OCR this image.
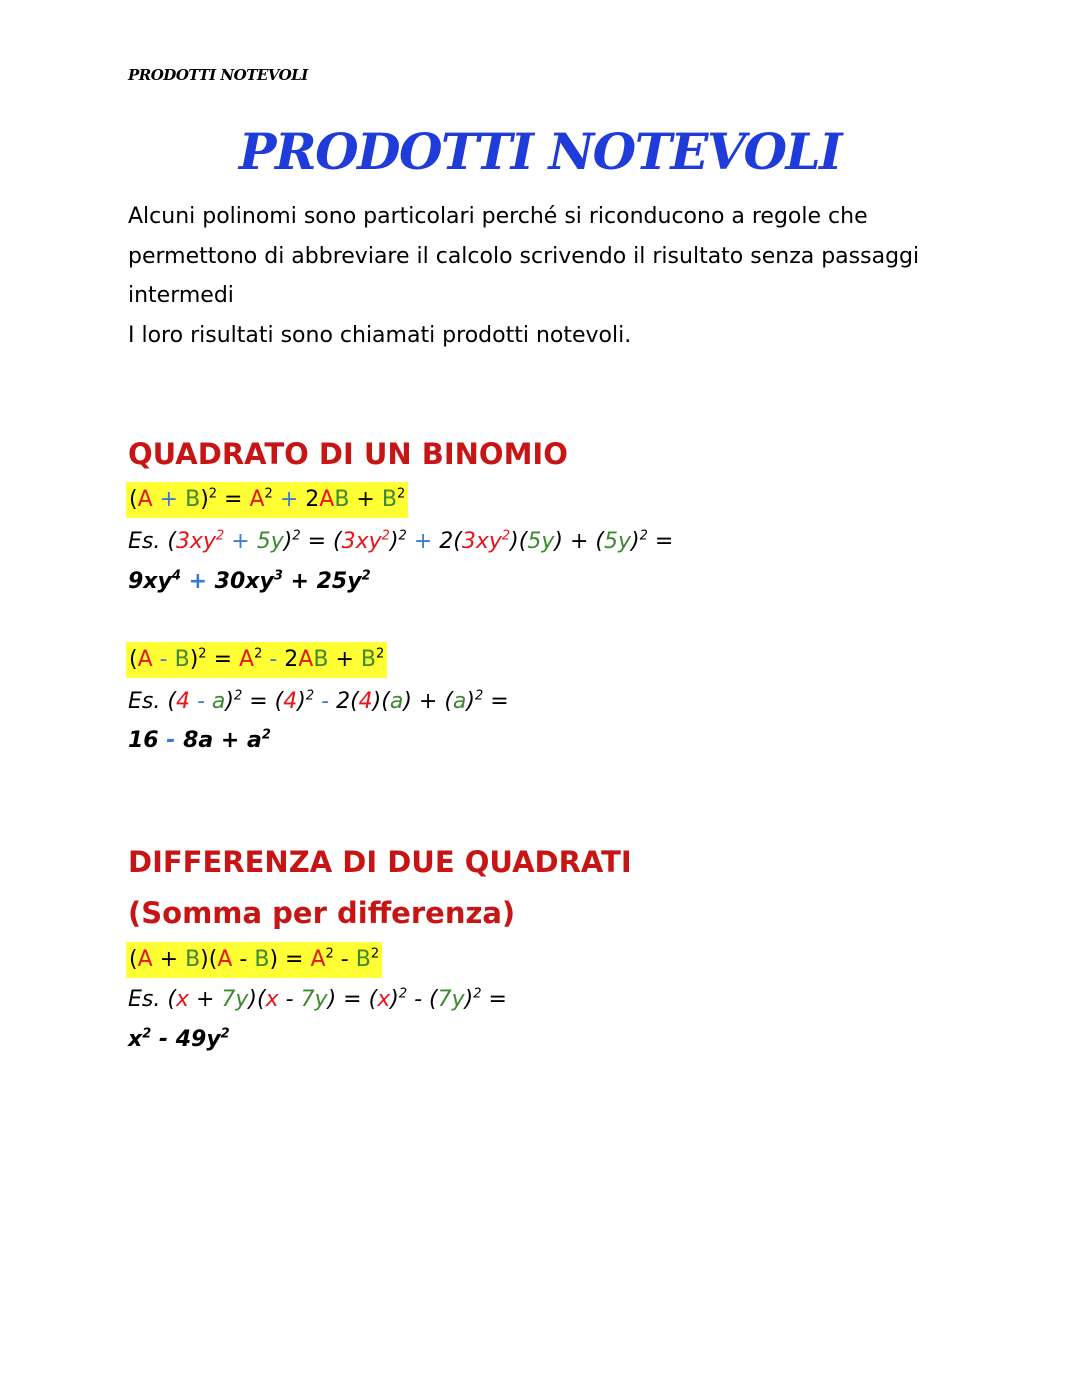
PRODOTTI NOTEVOLI
PRODOTTI NOTEVOLI

Alcuni polinomi sono particolari perché si riconducono a regole che permettono di abbreviare il calcolo scrivendo il risultato senza passaggi intermedi

I loro risultati sono chiamati prodotti notevoli.

QUADRATO DI UN BINOMIO
$(A + B)^2 = A^2 + 2AB + B^2$
Es. $(3xy^2 + 5y)^2 = (3xy^2)^2 + 2(3xy^2)(5y) + (5y)^2$ =
$9xy^4 + 30xy^3 + 25y^2$
$(A - B)^2 = A^2 - 2AB + B^2$
Es. $(4 - a)^2 = (4)^2 - 2(4)(a) + (a)^2$ =
$16 - 8a + a^2$
DIFFERENZA DI DUE QUADRATI
(Somma per differenza)
$(A + B)(A - B) = A^2 - B^2$
Es. $(x + 7y)(x - 7y) = (x)^2 - (7y)^2$ =
$x^2 - 49y^2$
